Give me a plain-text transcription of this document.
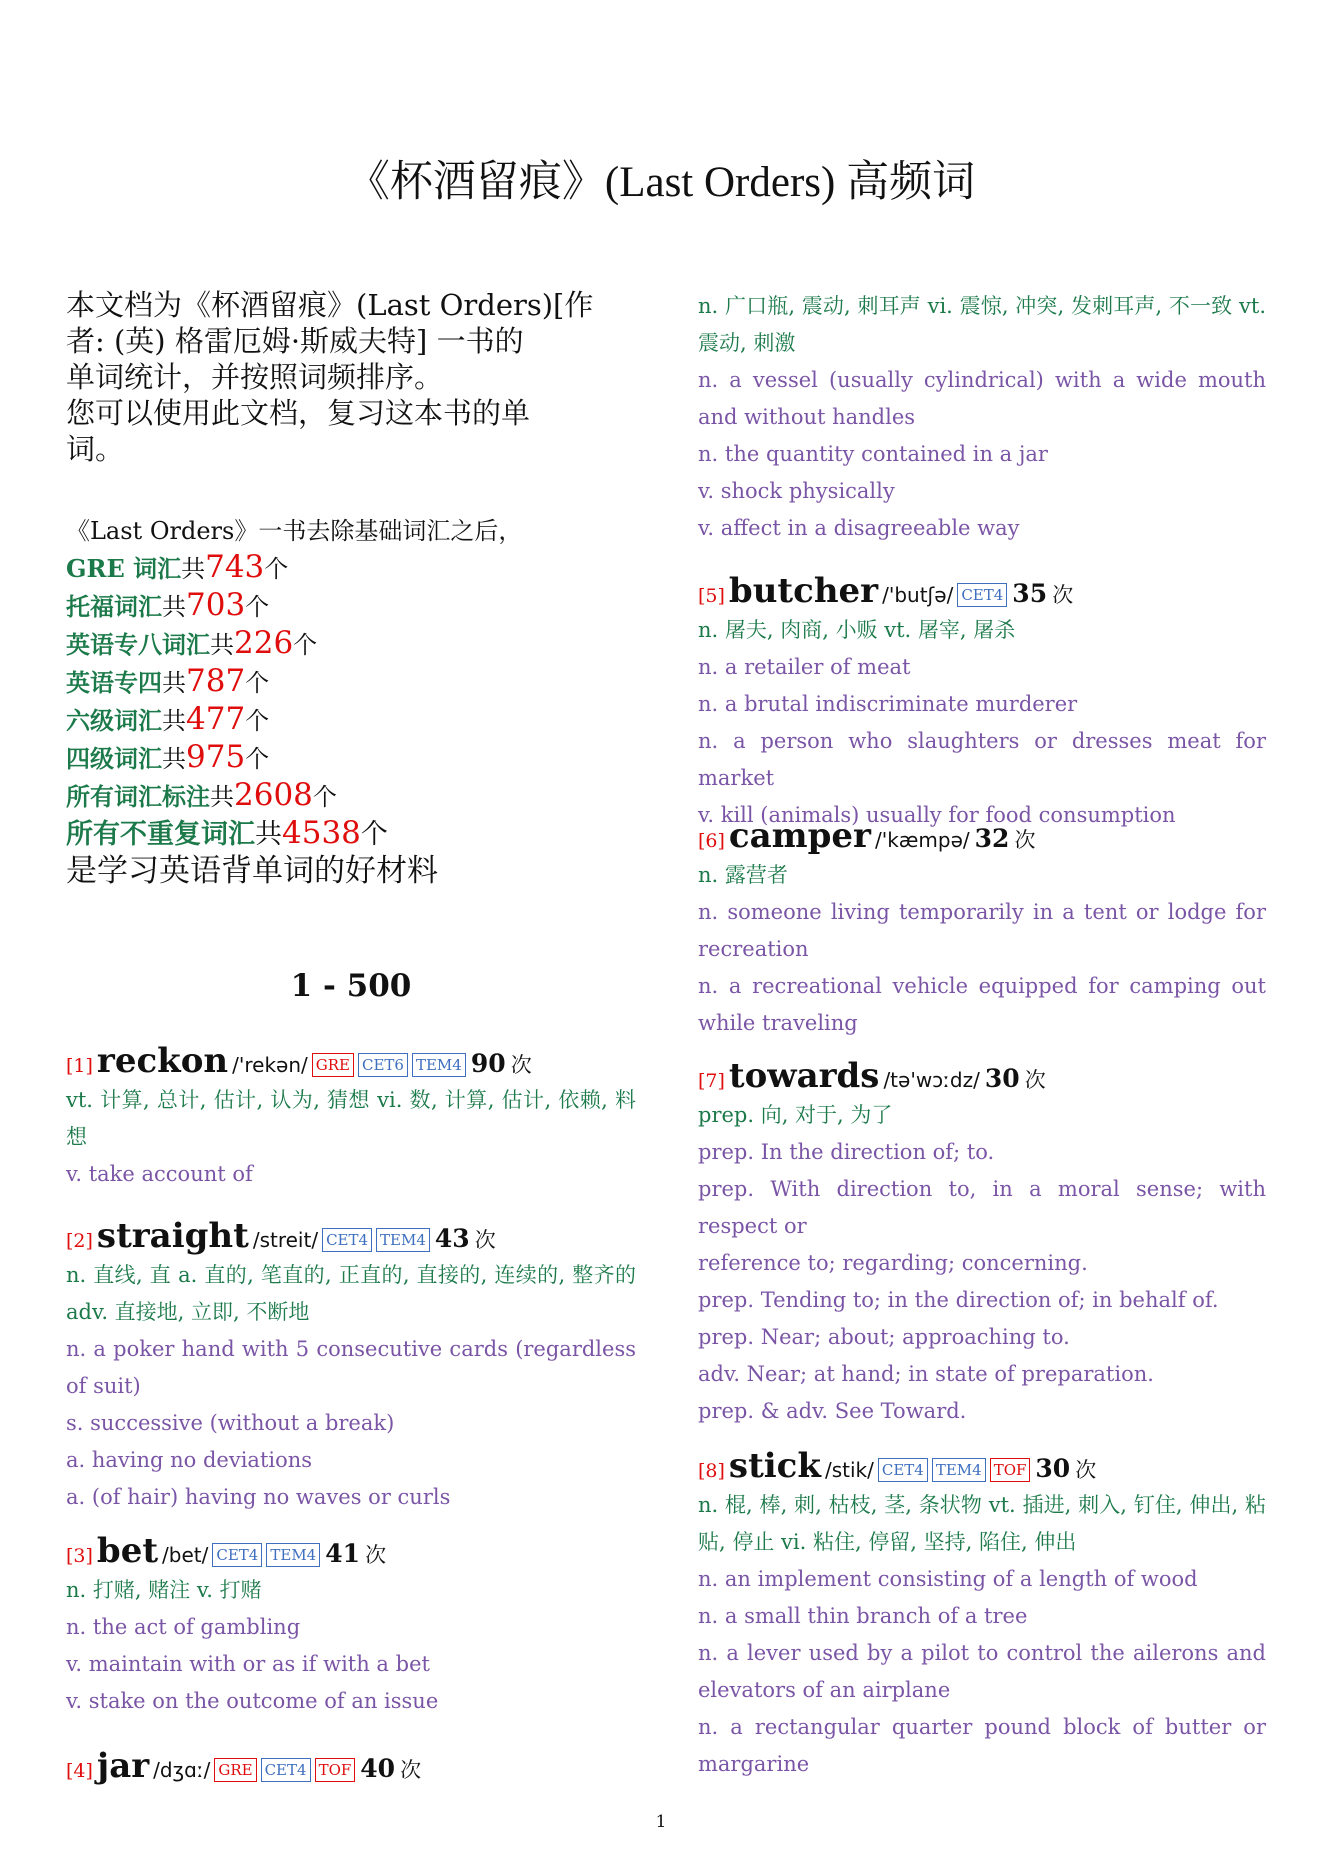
《杯酒留痕》(Last Orders) 高频词
本文档为《杯酒留痕》(Last Orders)[作
者: (英) 格雷厄姆·斯威夫特] 一书的
单词统计，并按照词频排序。
您可以使用此文档，复习这本书的单
词。
《Last Orders》一书去除基础词汇之后，
GRE 词汇共743个
托福词汇共703个
英语专八词汇共226个
英语专四共787个
六级词汇共477个
四级词汇共975个
所有词汇标注共2608个
所有不重复词汇共4538个
是学习英语背单词的好材料
1 - 500
[1] reckon /'rekən/ GRE CET6 TEM4 90 次
vt. 计算, 总计, 估计, 认为, 猜想 vi. 数, 计算, 估计, 依赖, 料想
v. take account of
[2] straight /streit/ CET4 TEM4 43 次
n. 直线, 直 a. 直的, 笔直的, 正直的, 直接的, 连续的, 整齐的 adv. 直接地, 立即, 不断地
n. a poker hand with 5 consecutive cards (regardless of suit)
s. successive (without a break)
a. having no deviations
a. (of hair) having no waves or curls
[3] bet /bet/ CET4 TEM4 41 次
n. 打赌, 赌注 v. 打赌
n. the act of gambling
v. maintain with or as if with a bet
v. stake on the outcome of an issue
[4] jar /dʒɑː/ GRE CET4 TOF 40 次
n. 广口瓶, 震动, 刺耳声 vi. 震惊, 冲突, 发刺耳声, 不一致 vt. 震动, 刺激
n. a vessel (usually cylindrical) with a wide mouth and without handles
n. the quantity contained in a jar
v. shock physically
v. affect in a disagreeable way
[5] butcher /'butʃə/ CET4 35 次
n. 屠夫, 肉商, 小贩 vt. 屠宰, 屠杀
n. a retailer of meat
n. a brutal indiscriminate murderer
n. a person who slaughters or dresses meat for market
v. kill (animals) usually for food consumption
[6] camper /'kæmpə/ 32 次
n. 露营者
n. someone living temporarily in a tent or lodge for recreation
n. a recreational vehicle equipped for camping out while traveling
[7] towards /tə'wɔːdz/ 30 次
prep. 向, 对于, 为了
prep. In the direction of; to.
prep. With direction to, in a moral sense; with respect or
reference to; regarding; concerning.
prep. Tending to; in the direction of; in behalf of.
prep. Near; about; approaching to.
adv. Near; at hand; in state of preparation.
prep. & adv. See Toward.
[8] stick /stik/ CET4 TEM4 TOF 30 次
n. 棍, 棒, 刺, 枯枝, 茎, 条状物 vt. 插进, 刺入, 钉住, 伸出, 粘贴, 停止 vi. 粘住, 停留, 坚持, 陷住, 伸出
n. an implement consisting of a length of wood
n. a small thin branch of a tree
n. a lever used by a pilot to control the ailerons and elevators of an airplane
n. a rectangular quarter pound block of butter or margarine
1
